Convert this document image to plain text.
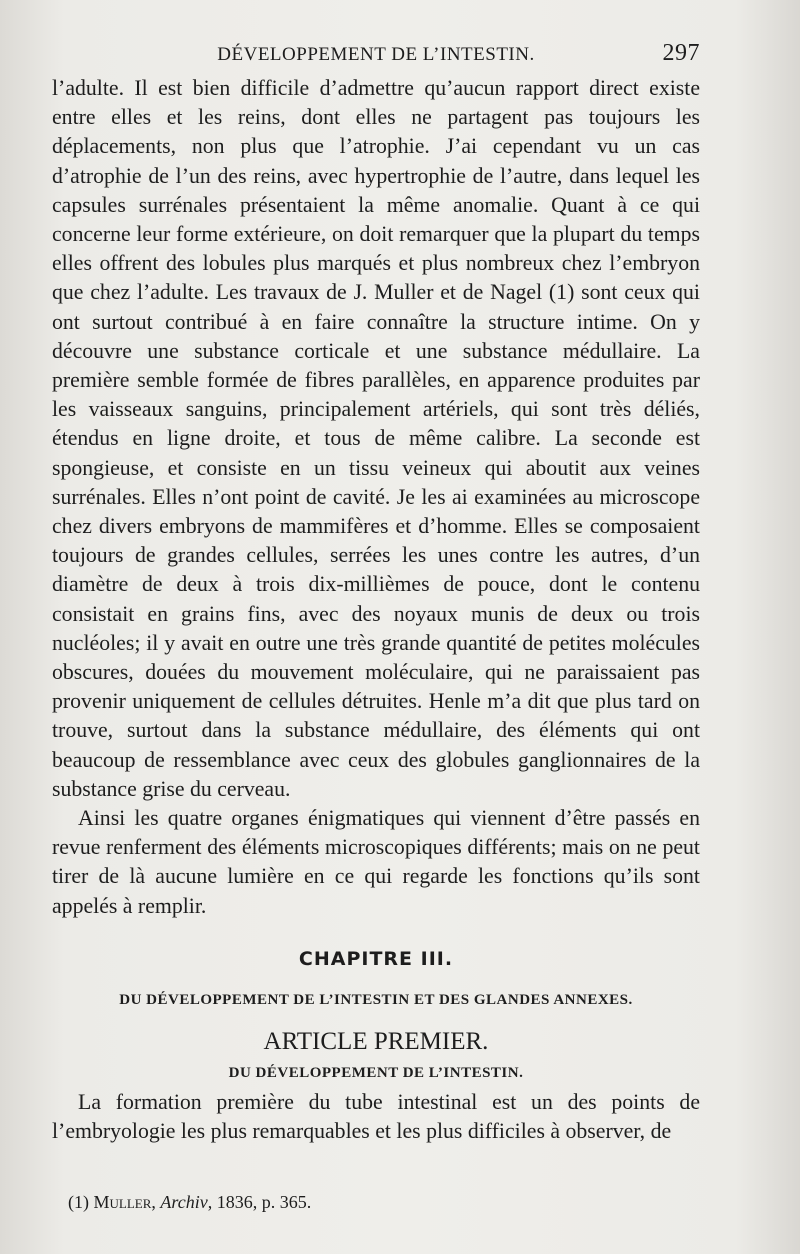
DÉVELOPPEMENT DE L’INTESTIN.	297

l’adulte. Il est bien difficile d’admettre qu’aucun rapport direct existe entre elles et les reins, dont elles ne partagent pas toujours les déplacements, non plus que l’atrophie. J’ai cependant vu un cas d’atrophie de l’un des reins, avec hypertrophie de l’autre, dans lequel les capsules surrénales présentaient la même anomalie. Quant à ce qui concerne leur forme extérieure, on doit remarquer que la plupart du temps elles offrent des lobules plus marqués et plus nombreux chez l’embryon que chez l’adulte. Les travaux de J. Muller et de Nagel (1) sont ceux qui ont surtout contribué à en faire connaître la structure intime. On y découvre une substance corticale et une substance médullaire. La première semble formée de fibres parallèles, en apparence produites par les vaisseaux sanguins, principalement artériels, qui sont très déliés, étendus en ligne droite, et tous de même calibre. La seconde est spongieuse, et consiste en un tissu veineux qui aboutit aux veines surrénales. Elles n’ont point de cavité. Je les ai examinées au microscope chez divers embryons de mammifères et d’homme. Elles se composaient toujours de grandes cellules, serrées les unes contre les autres, d’un diamètre de deux à trois dix-millièmes de pouce, dont le contenu consistait en grains fins, avec des noyaux munis de deux ou trois nucléoles; il y avait en outre une très grande quantité de petites molécules obscures, douées du mouvement moléculaire, qui ne paraissaient pas provenir uniquement de cellules détruites. Henle m’a dit que plus tard on trouve, surtout dans la substance médullaire, des éléments qui ont beaucoup de ressemblance avec ceux des globules ganglionnaires de la substance grise du cerveau.

Ainsi les quatre organes énigmatiques qui viennent d’être passés en revue renferment des éléments microscopiques différents; mais on ne peut tirer de là aucune lumière en ce qui regarde les fonctions qu’ils sont appelés à remplir.

CHAPITRE III.
DU DÉVELOPPEMENT DE L’INTESTIN ET DES GLANDES ANNEXES.
ARTICLE PREMIER.
DU DÉVELOPPEMENT DE L’INTESTIN.

La formation première du tube intestinal est un des points de l’embryologie les plus remarquables et les plus difficiles à observer, de

(1) Muller, Archiv, 1836, p. 365.
